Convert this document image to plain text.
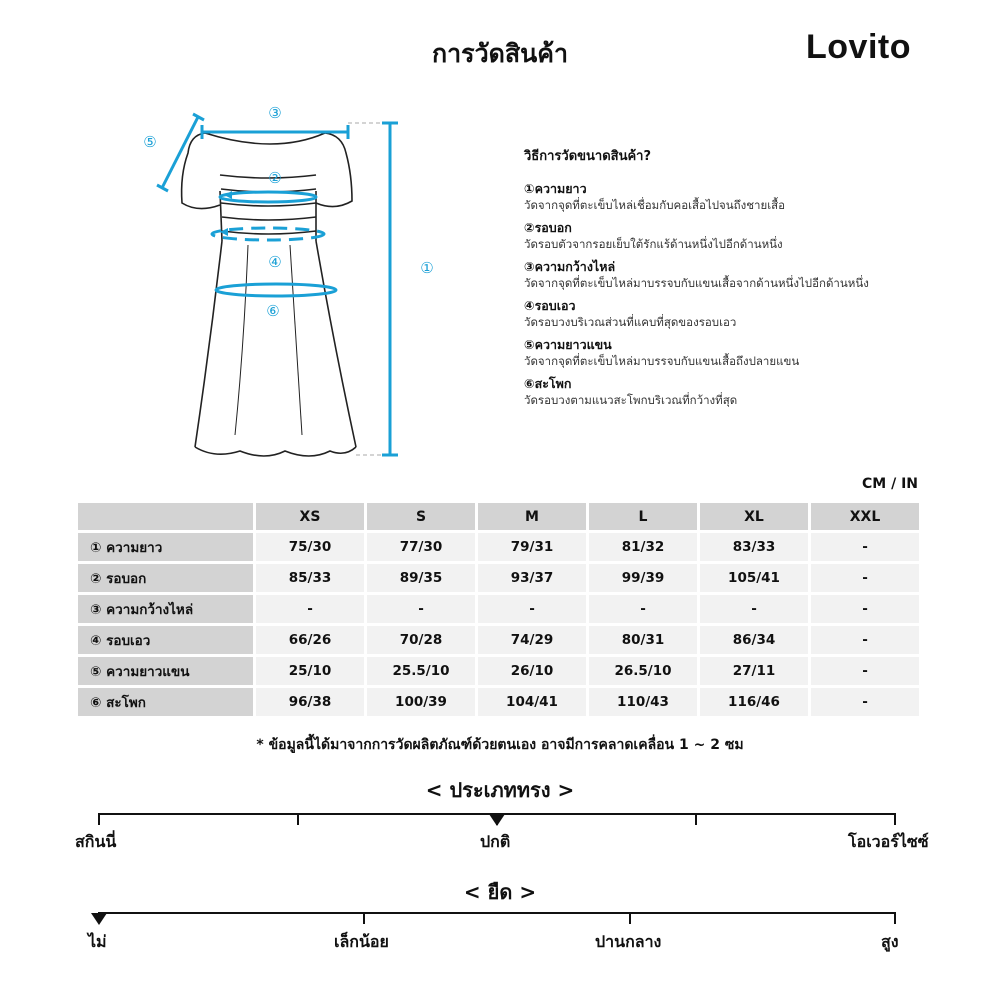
การวัดสินค้า	Lovito
③
⑤
②
④
⑥
①
วิธีการวัดขนาดสินค้า?
①ความยาว
วัดจากจุดที่ตะเข็บไหล่เชื่อมกับคอเสื้อไปจนถึงชายเสื้อ
②รอบอก
วัดรอบตัวจากรอยเย็บใต้รักแร้ด้านหนึ่งไปอีกด้านหนึ่ง
③ความกว้างไหล่
วัดจากจุดที่ตะเข็บไหล่มาบรรจบกับแขนเสื้อจากด้านหนึ่งไปอีกด้านหนึ่ง
④รอบเอว
วัดรอบวงบริเวณส่วนที่แคบที่สุดของรอบเอว
⑤ความยาวแขน
วัดจากจุดที่ตะเข็บไหล่มาบรรจบกับแขนเสื้อถึงปลายแขน
⑥สะโพก
วัดรอบวงตามแนวสะโพกบริเวณที่กว้างที่สุด
CM / IN
	XS	S	M	L	XL	XXL
① ความยาว	75/30	77/30	79/31	81/32	83/33	-
② รอบอก	85/33	89/35	93/37	99/39	105/41	-
③ ความกว้างไหล่	-	-	-	-	-	-
④ รอบเอว	66/26	70/28	74/29	80/31	86/34	-
⑤ ความยาวแขน	25/10	25.5/10	26/10	26.5/10	27/11	-
⑥ สะโพก	96/38	100/39	104/41	110/43	116/46	-
* ข้อมูลนี้ได้มาจากการวัดผลิตภัณฑ์ด้วยตนเอง อาจมีการคลาดเคลื่อน 1 ~ 2 ซม
< ประเภททรง >
สกินนี่	ปกติ	โอเวอร์ไซซ์
< ยืด >
ไม่	เล็กน้อย	ปานกลาง	สูง
